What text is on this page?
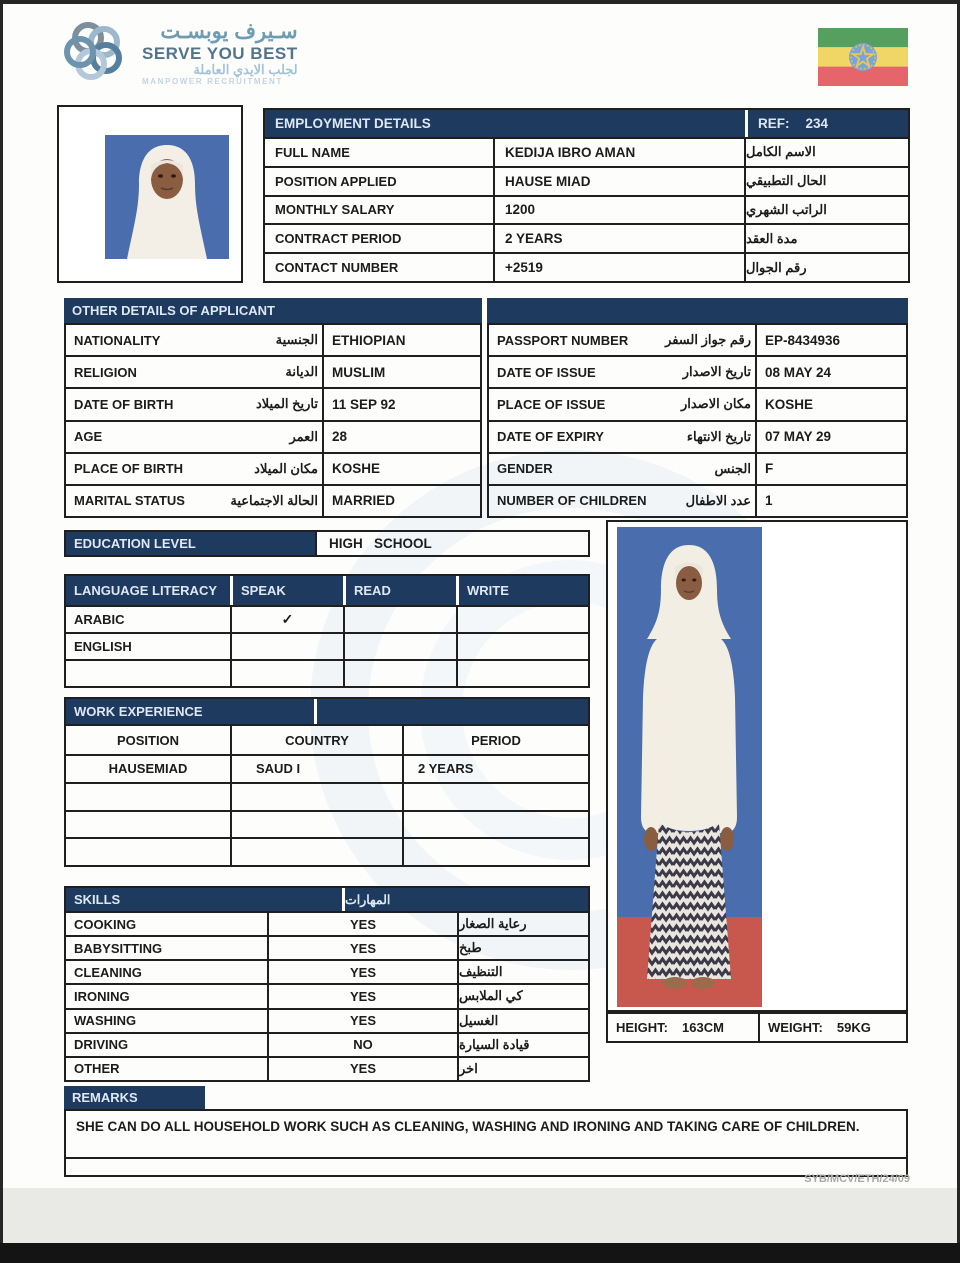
سـيرف يوبسـت
SERVE YOU BEST
لجلب الايدي العاملة
MANPOWER RECRUITMENT
EMPLOYMENT DETAILS	REF: 234
FULL NAME	KEDIJA IBRO AMAN	الاسم الكامل
POSITION APPLIED	HAUSE MIAD	الحال التطبيقي
MONTHLY SALARY	1200	الراتب الشهري
CONTRACT PERIOD	2 YEARS	مدة العقد
CONTACT NUMBER	+2519	رقم الجوال
OTHER DETAILS OF APPLICANT
NATIONALITY	الجنسية	ETHIOPIAN
RELIGION	الديانة	MUSLIM
DATE OF BIRTH	تاريخ الميلاد	11 SEP 92
AGE	العمر	28
PLACE OF BIRTH	مكان الميلاد	KOSHE
MARITAL STATUS	الحالة الاجتماعية	MARRIED
PASSPORT NUMBER	رقم جواز السفر	EP-8434936
DATE OF ISSUE	تاريخ الاصدار	08 MAY 24
PLACE OF ISSUE	مكان الاصدار	KOSHE
DATE OF EXPIRY	تاريخ الانتهاء	07 MAY 29
GENDER	الجنس	F
NUMBER OF CHILDREN	عدد الاطفال	1
EDUCATION LEVEL	HIGH   SCHOOL
LANGUAGE LITERACY	SPEAK	READ	WRITE
ARABIC	✓
ENGLISH
WORK EXPERIENCE
POSITION	COUNTRY	PERIOD
HAUSEMIAD	SAUD I	2 YEARS
HEIGHT: 163CM	WEIGHT: 59KG
SKILLS	المهارات
COOKING	YES	رعاية الصغار
BABYSITTING	YES	طبخ
CLEANING	YES	التنظيف
IRONING	YES	كي الملابس
WASHING	YES	الغسيل
DRIVING	NO	قيادة السيارة
OTHER	YES	اخر
REMARKS
SHE CAN DO ALL HOUSEHOLD WORK SUCH AS CLEANING, WASHING AND IRONING AND TAKING CARE OF CHILDREN.
SYB/MCV/ETH/24/09
